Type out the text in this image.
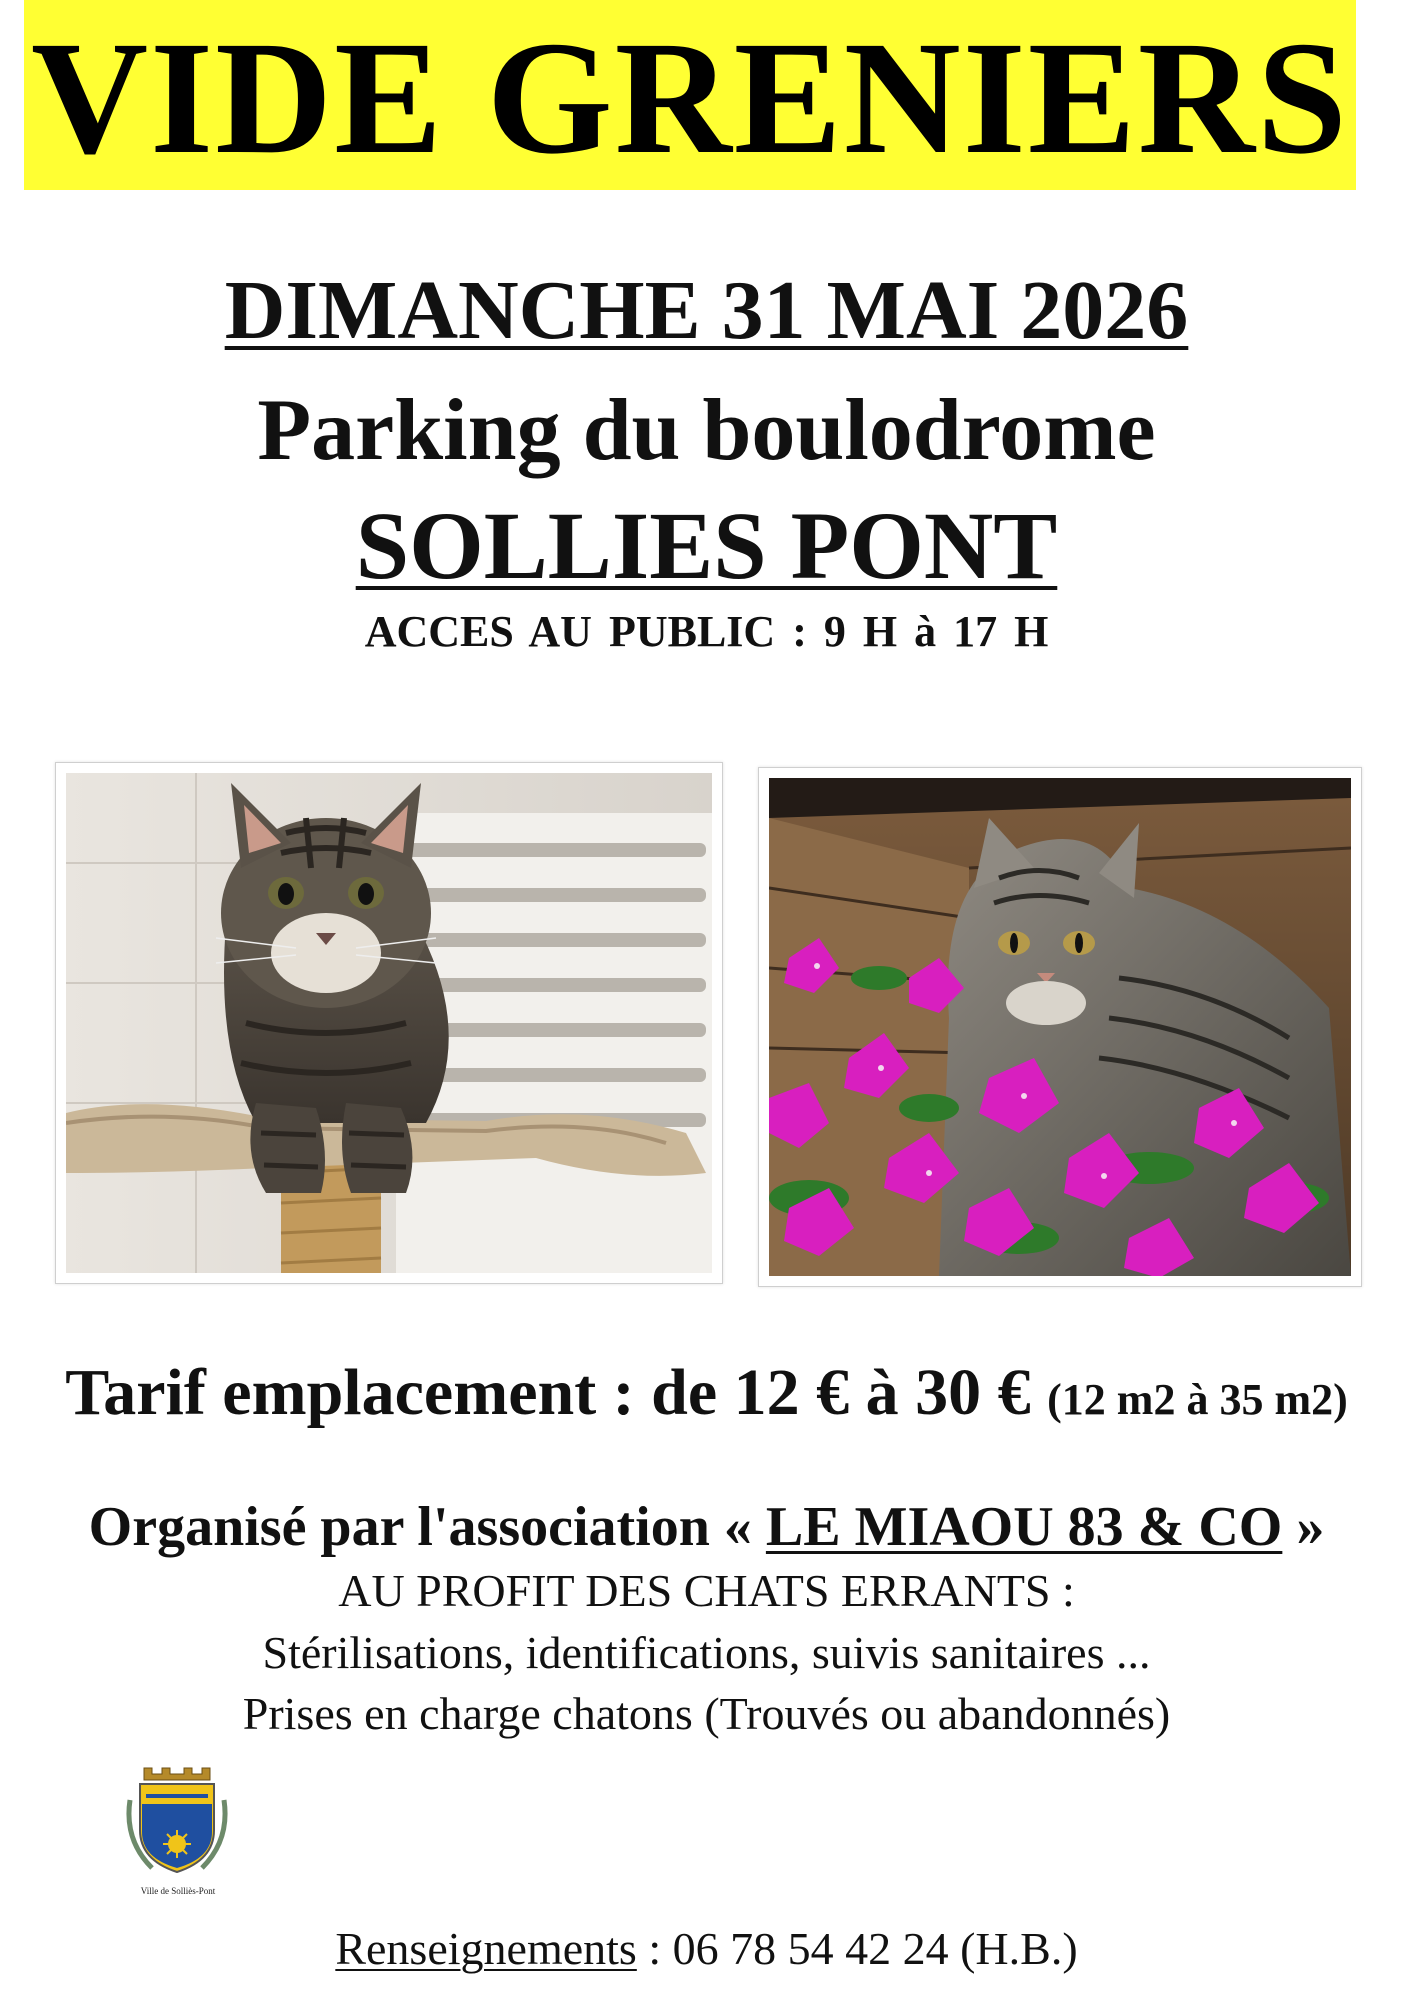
VIDE GRENIERS
DIMANCHE 31 MAI 2026
Parking du boulodrome
SOLLIES PONT
ACCES AU PUBLIC : 9 H à 17 H
Tarif emplacement : de 12 € à 30 € (12 m2 à 35 m2)
Organisé par l'association « LE MIAOU 83 & CO »
AU PROFIT DES CHATS ERRANTS :
Stérilisations, identifications, suivis sanitaires ...
Prises en charge chatons (Trouvés ou abandonnés)
Ville de Solliès-Pont
Renseignements : 06 78 54 42 24 (H.B.)
